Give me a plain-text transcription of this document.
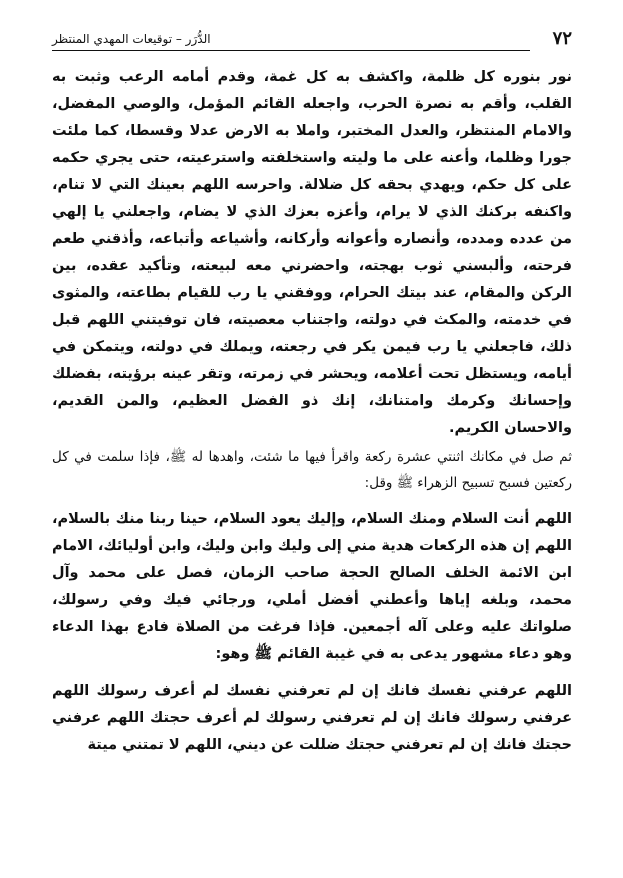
٧٢
الدُّرَر – توقيعات المهدي المنتظر

نور بنوره كل ظلمة، واكشف به كل غمة، وقدم أمامه الرعب وثبت به القلب، وأقم به نصرة الحرب، واجعله القائم المؤمل، والوصي المفضل، والامام المنتظر، والعدل المختبر، واملا به الارض عدلا وقسطا، كما ملئت جورا وظلما، وأعنه على ما وليته واستخلفته واسترعيته، حتى يجري حكمه على كل حكم، ويهدي بحقه كل ضلالة. واحرسه اللهم بعينك التي لا تنام، واكنفه بركنك الذي لا يرام، وأعزه بعزك الذي لا يضام، واجعلني يا إلهي من عدده ومدده، وأنصاره وأعوانه وأركانه، وأشياعه وأتباعه، وأذقني طعم فرحته، وألبسني ثوب بهجته، واحضرني معه لبيعته، وتأكيد عقده، بين الركن والمقام، عند بيتك الحرام، ووفقني يا رب للقيام بطاعته، والمثوى في خدمته، والمكث في دولته، واجتناب معصيته، فان توفيتني اللهم قبل ذلك، فاجعلني يا رب فيمن يكر في رجعته، ويملك في دولته، ويتمكن في أيامه، ويستظل تحت أعلامه، ويحشر في زمرته، وتقر عينه برؤيته، بفضلك وإحسانك وكرمك وامتنانك، إنك ذو الفضل العظيم، والمن القديم، والاحسان الكريم.

ثم صل في مكانك اثنتي عشرة ركعة واقرأ فيها ما شئت، واهدها له ﷺ، فإذا سلمت في كل ركعتين فسبح تسبيح الزهراء ﷺ وقل:

اللهم أنت السلام ومنك السلام، وإليك يعود السلام، حينا ربنا منك بالسلام، اللهم إن هذه الركعات هدية مني إلى وليك وابن وليك، وابن أوليائك، الامام ابن الائمة الخلف الصالح الحجة صاحب الزمان، فصل على محمد وآل محمد، وبلغه إياها وأعطني أفضل أملي، ورجائي فيك وفي رسولك، صلواتك عليه وعلى آله أجمعين. فإذا فرغت من الصلاة فادع بهذا الدعاء وهو دعاء مشهور يدعى به في غيبة القائم ﷺ وهو:

اللهم عرفني نفسك فانك إن لم تعرفني نفسك لم أعرف رسولك اللهم عرفني رسولك فانك إن لم تعرفني رسولك لم أعرف حجتك اللهم عرفني حجتك فانك إن لم تعرفني حجتك ضللت عن ديني، اللهم لا تمتني ميتة
